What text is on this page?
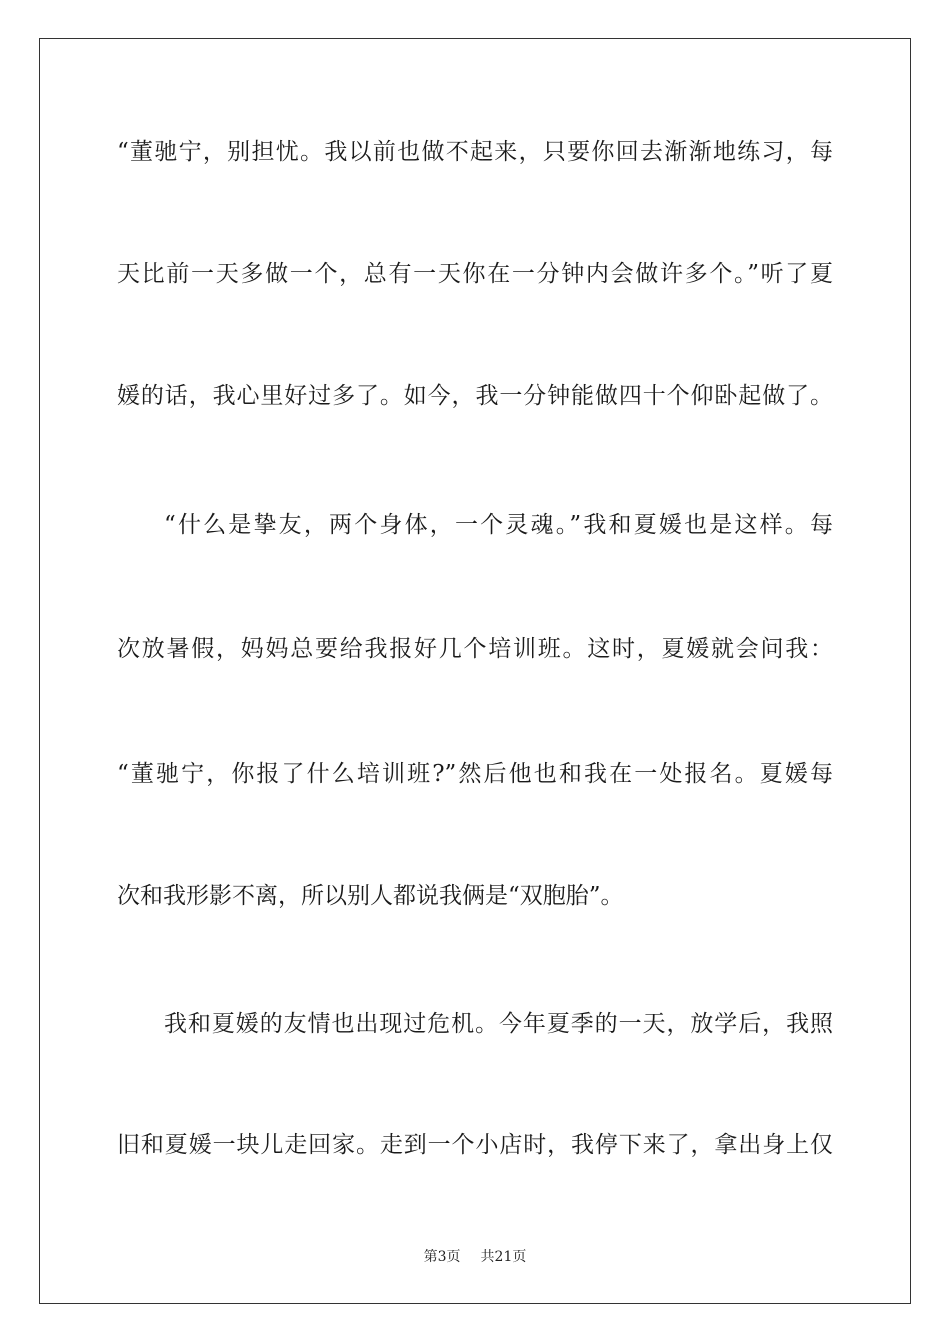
“董驰宁，别担忧。我以前也做不起来，只要你回去渐渐地练习，每
天比前一天多做一个，总有一天你在一分钟内会做许多个。”听了夏
媛的话，我心里好过多了。如今，我一分钟能做四十个仰卧起做了。
“什么是挚友，两个身体，一个灵魂。”我和夏媛也是这样。每
次放暑假，妈妈总要给我报好几个培训班。这时，夏媛就会问我：
“董驰宁，你报了什么培训班?”然后他也和我在一处报名。夏媛每
次和我形影不离，所以别人都说我俩是“双胞胎”。
我和夏媛的友情也出现过危机。今年夏季的一天，放学后，我照
旧和夏媛一块儿走回家。走到一个小店时，我停下来了，拿出身上仅
第3页 共21页
